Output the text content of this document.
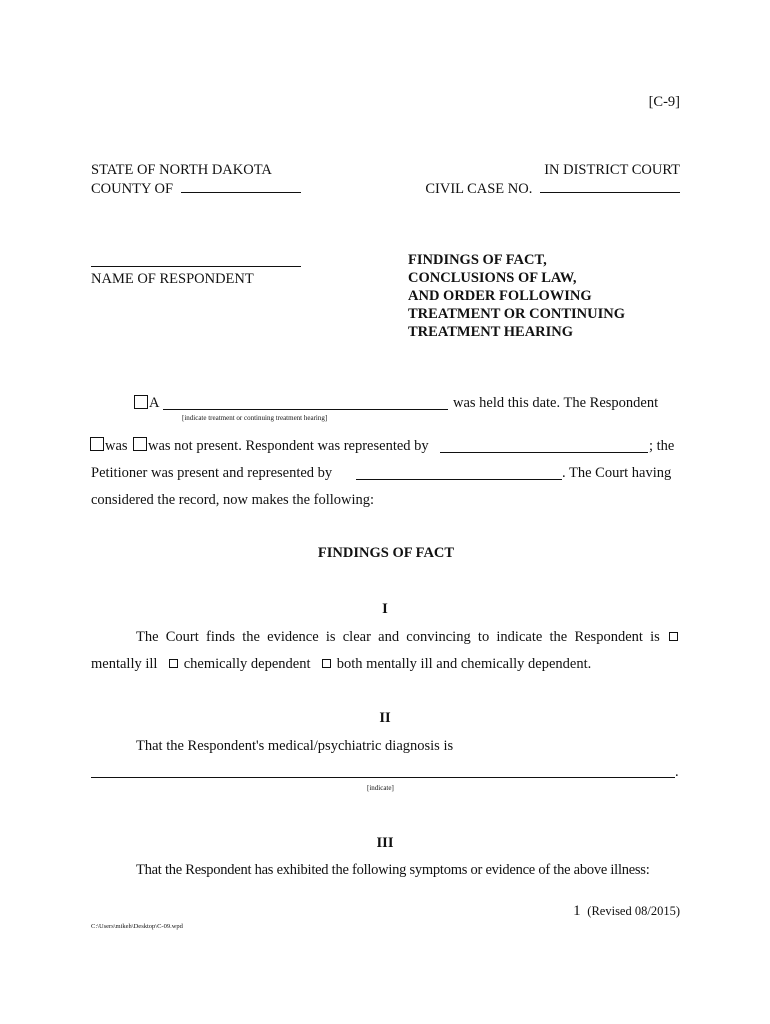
[C-9]
STATE OF NORTH DAKOTA
COUNTY OF
IN DISTRICT COURT
CIVIL CASE NO.
NAME OF RESPONDENT
FINDINGS OF FACT,
CONCLUSIONS OF LAW,
AND ORDER FOLLOWING
TREATMENT OR CONTINUING
TREATMENT HEARING
A	was held this date. The Respondent
[indicate treatment or continuing treatment hearing]
was was not present. Respondent was represented by	; the
Petitioner was present and represented by	. The Court having
considered the record, now makes the following:
FINDINGS OF FACT
I
The Court finds the evidence is clear and convincing to indicate the Respondent is
mentally ill chemically dependent both mentally ill and chemically dependent.
II
That the Respondent's medical/psychiatric diagnosis is
.
[indicate]
III
That the Respondent has exhibited the following symptoms or evidence of the above illness:
1 (Revised 08/2015)
C:\Users\mikeh\Desktop\C-09.wpd
